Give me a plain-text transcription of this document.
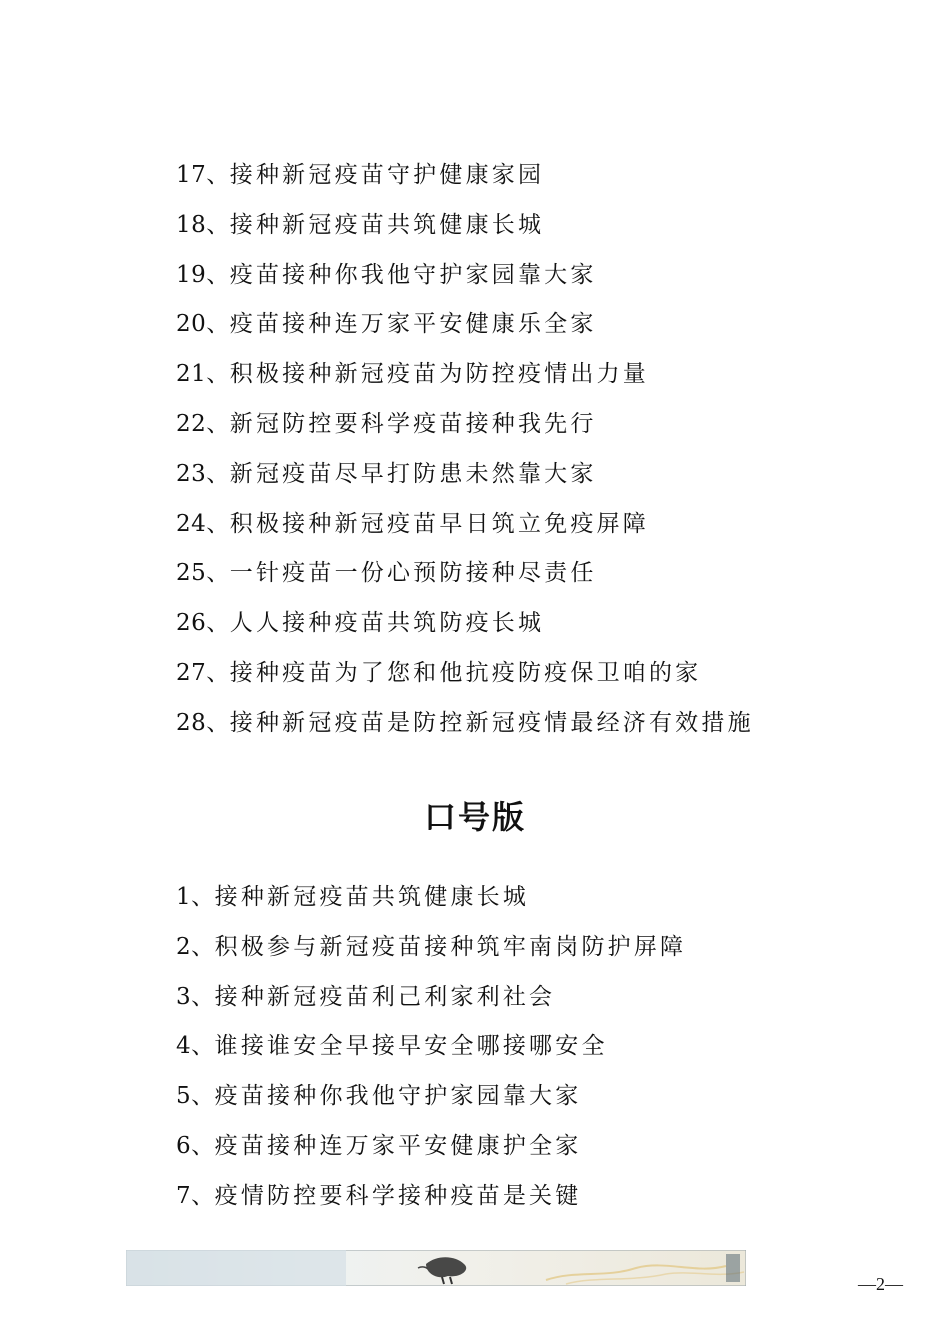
17、接种新冠疫苗守护健康家园
18、接种新冠疫苗共筑健康长城
19、疫苗接种你我他守护家园靠大家
20、疫苗接种连万家平安健康乐全家
21、积极接种新冠疫苗为防控疫情出力量
22、新冠防控要科学疫苗接种我先行
23、新冠疫苗尽早打防患未然靠大家
24、积极接种新冠疫苗早日筑立免疫屏障
25、一针疫苗一份心预防接种尽责任
26、人人接种疫苗共筑防疫长城
27、接种疫苗为了您和他抗疫防疫保卫咱的家
28、接种新冠疫苗是防控新冠疫情最经济有效措施
口号版
1、接种新冠疫苗共筑健康长城
2、积极参与新冠疫苗接种筑牢南岗防护屏障
3、接种新冠疫苗利己利家利社会
4、谁接谁安全早接早安全哪接哪安全
5、疫苗接种你我他守护家园靠大家
6、疫苗接种连万家平安健康护全家
7、疫情防控要科学接种疫苗是关键
—2—
